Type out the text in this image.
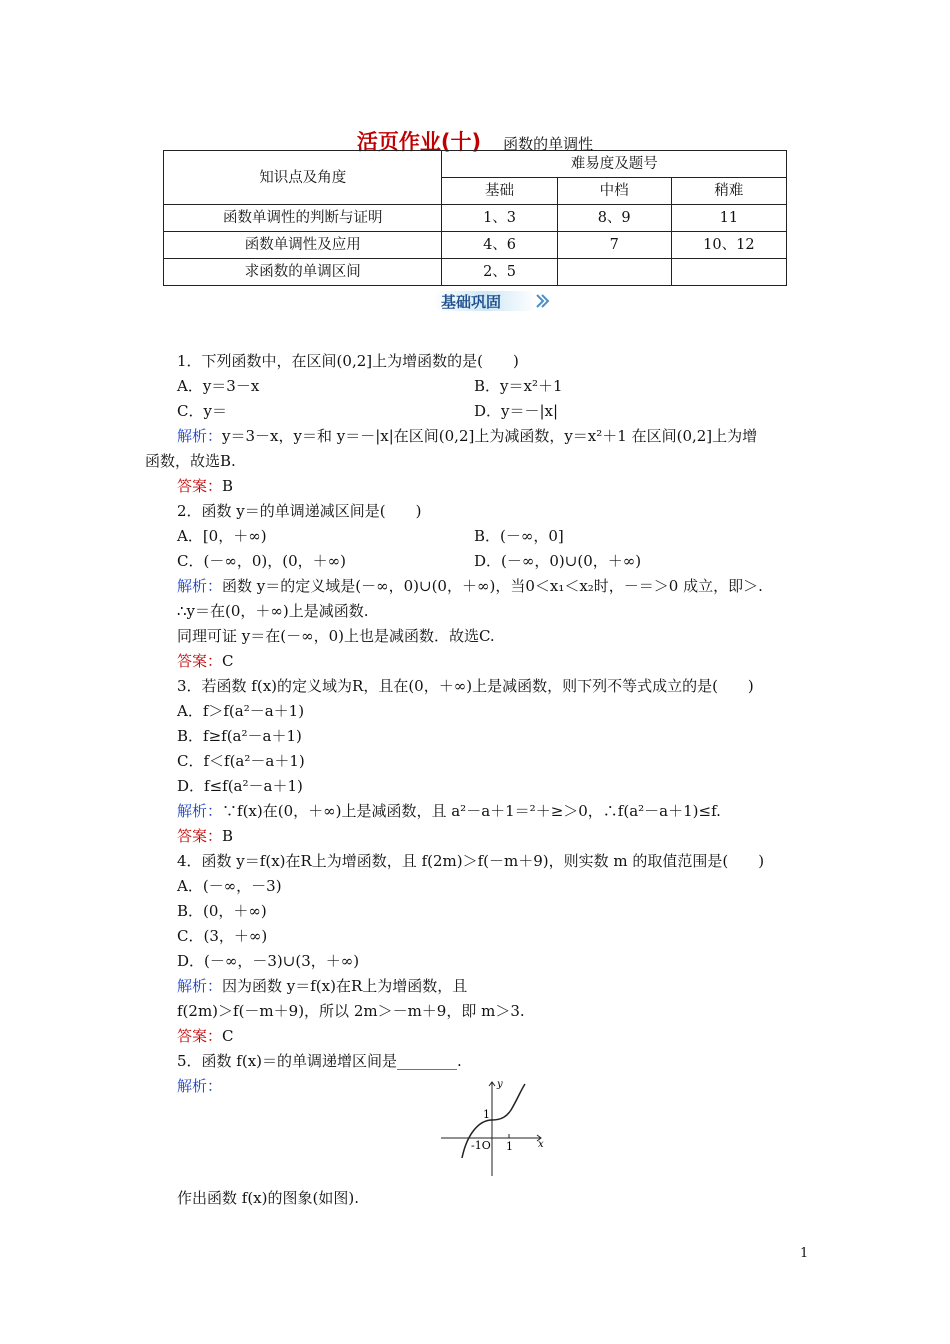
活页作业(十) 函数的单调性
知识点及角度	难易度及题号		
	基础	中档	稍难
函数单调性的判断与证明	1、3	8、9	11
函数单调性及应用	4、6	7	10、12
求函数的单调区间	2、5		
基础巩固
1．下列函数中，在区间(0,2]上为增函数的是(　　)
A．y＝3－x	B．y＝x²＋1
C．y＝	D．y＝－|x|
解析：y＝3－x，y＝和 y＝－|x|在区间(0,2]上为减函数，y＝x²＋1 在区间(0,2]上为增
函数，故选B.
答案：B
2．函数 y＝的单调递减区间是(　　)
A．[0，＋∞)	B．(－∞，0]
C．(－∞，0)，(0，＋∞)	D．(－∞，0)∪(0，＋∞)
解析：函数 y＝的定义域是(－∞，0)∪(0，＋∞)，当0＜x₁＜x₂时，－＝＞0 成立，即＞.
∴y＝在(0，＋∞)上是减函数.
同理可证 y＝在(－∞，0)上也是减函数．故选C.
答案：C
3．若函数 f(x)的定义域为R，且在(0，＋∞)上是减函数，则下列不等式成立的是(　　)
A．f＞f(a²－a＋1)
B．f≥f(a²－a＋1)
C．f＜f(a²－a＋1)
D．f≤f(a²－a＋1)
解析：∵f(x)在(0，＋∞)上是减函数，且 a²－a＋1＝²＋≥＞0，∴f(a²－a＋1)≤f.
答案：B
4．函数 y＝f(x)在R上为增函数，且 f(2m)＞f(－m＋9)，则实数 m 的取值范围是(　　)
A．(－∞，－3)
B．(0，＋∞)
C．(3，＋∞)
D．(－∞，－3)∪(3，＋∞)
解析：因为函数 y＝f(x)在R上为增函数，且
f(2m)＞f(－m＋9)，所以 2m＞－m＋9，即 m＞3.
答案：C
5．函数 f(x)＝的单调递增区间是________.
解析：	y
x
1
-1O 1
作出函数 f(x)的图象(如图).
1
